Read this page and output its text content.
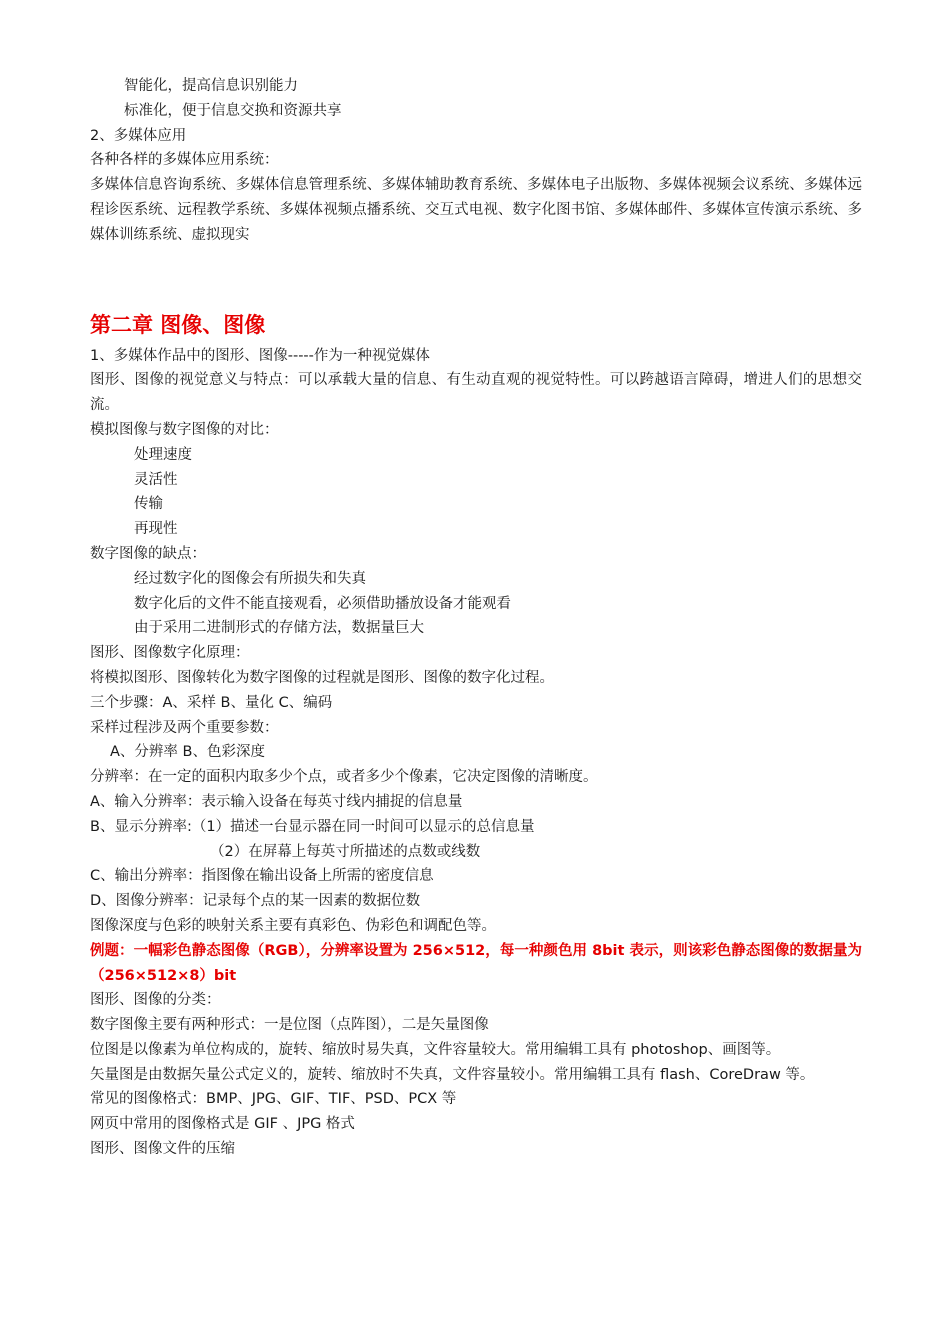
智能化，提高信息识别能力
标准化，便于信息交换和资源共享
2、多媒体应用
各种各样的多媒体应用系统：
多媒体信息咨询系统、多媒体信息管理系统、多媒体辅助教育系统、多媒体电子出版物、多媒体视频会议系统、多媒体远程诊医系统、远程教学系统、多媒体视频点播系统、交互式电视、数字化图书馆、多媒体邮件、多媒体宣传演示系统、多媒体训练系统、虚拟现实
第二章 图像、图像
1、多媒体作品中的图形、图像-----作为一种视觉媒体
图形、图像的视觉意义与特点：可以承载大量的信息、有生动直观的视觉特性。可以跨越语言障碍，增进人们的思想交流。
模拟图像与数字图像的对比：
处理速度
灵活性
传输
再现性
数字图像的缺点：
经过数字化的图像会有所损失和失真
数字化后的文件不能直接观看，必须借助播放设备才能观看
由于采用二进制形式的存储方法，数据量巨大
图形、图像数字化原理：
将模拟图形、图像转化为数字图像的过程就是图形、图像的数字化过程。
三个步骤：A、采样 B、量化 C、编码
采样过程涉及两个重要参数：
A、分辨率 B、色彩深度
分辨率：在一定的面积内取多少个点，或者多少个像素，它决定图像的清晰度。
A、输入分辨率：表示输入设备在每英寸线内捕捉的信息量
B、显示分辨率:（1）描述一台显示器在同一时间可以显示的总信息量
（2）在屏幕上每英寸所描述的点数或线数
C、输出分辨率：指图像在输出设备上所需的密度信息
D、图像分辨率：记录每个点的某一因素的数据位数
图像深度与色彩的映射关系主要有真彩色、伪彩色和调配色等。
例题：一幅彩色静态图像（RGB），分辨率设置为 256×512，每一种颜色用 8bit 表示，则该彩色静态图像的数据量为（256×512×8）bit
图形、图像的分类：
数字图像主要有两种形式：一是位图（点阵图），二是矢量图像
位图是以像素为单位构成的，旋转、缩放时易失真，文件容量较大。常用编辑工具有 photoshop、画图等。
矢量图是由数据矢量公式定义的，旋转、缩放时不失真，文件容量较小。常用编辑工具有 flash、CoreDraw 等。
常见的图像格式：BMP、JPG、GIF、TIF、PSD、PCX 等
网页中常用的图像格式是 GIF 、JPG 格式
图形、图像文件的压缩
